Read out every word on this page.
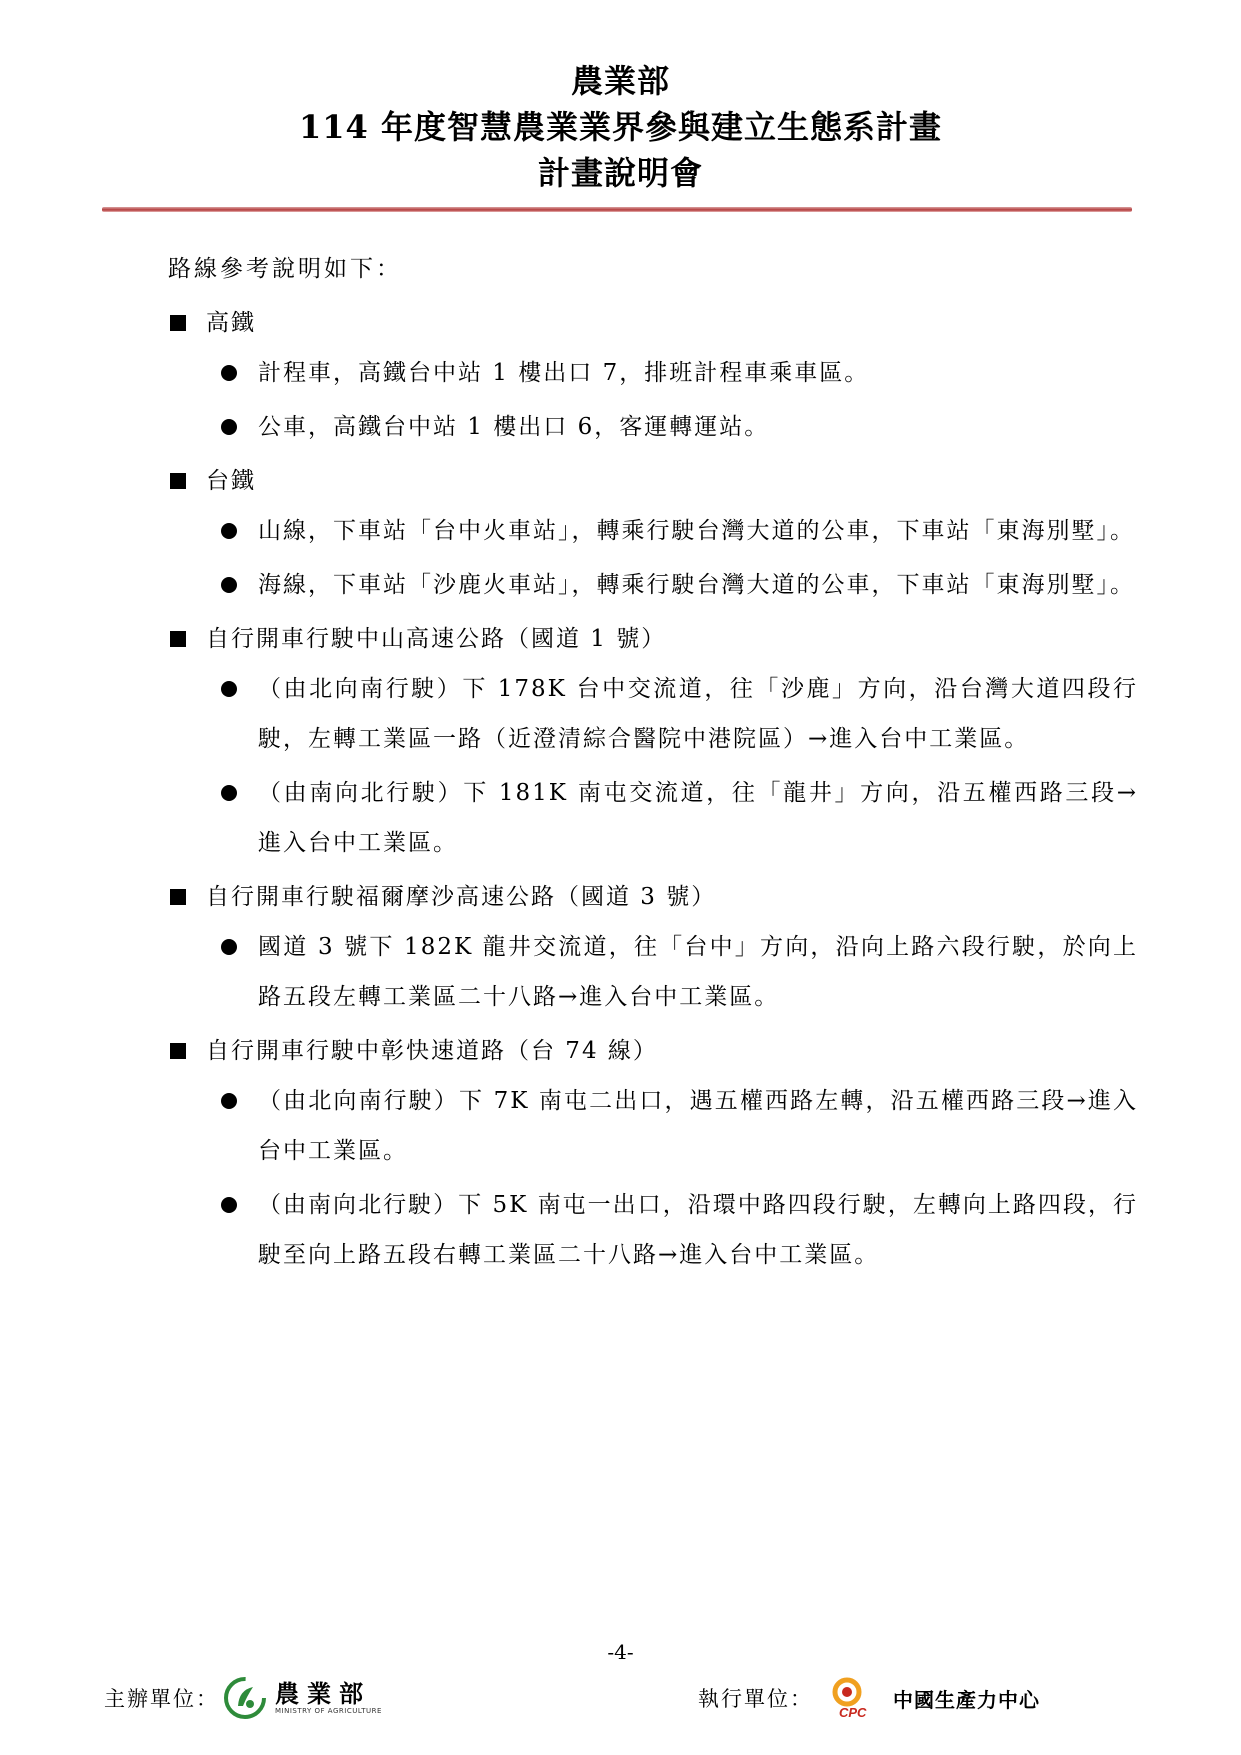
農業部
114 年度智慧農業業界參與建立生態系計畫
計畫說明會
路線參考說明如下：
高鐵
計程車，高鐵台中站 1 樓出口 7，排班計程車乘車區。
公車，高鐵台中站 1 樓出口 6，客運轉運站。
台鐵
山線，下車站「台中火車站」，轉乘行駛台灣大道的公車，下車站「東海別墅」。
海線，下車站「沙鹿火車站」，轉乘行駛台灣大道的公車，下車站「東海別墅」。
自行開車行駛中山高速公路（國道 1 號）
（由北向南行駛）下 178K 台中交流道，往「沙鹿」方向，沿台灣大道四段行駛，左轉工業區一路（近澄清綜合醫院中港院區）→進入台中工業區。
（由南向北行駛）下 181K 南屯交流道，往「龍井」方向，沿五權西路三段→進入台中工業區。
自行開車行駛福爾摩沙高速公路（國道 3 號）
國道 3 號下 182K 龍井交流道，往「台中」方向，沿向上路六段行駛，於向上路五段左轉工業區二十八路→進入台中工業區。
自行開車行駛中彰快速道路（台 74 線）
（由北向南行駛）下 7K 南屯二出口，遇五權西路左轉，沿五權西路三段→進入台中工業區。
（由南向北行駛）下 5K 南屯一出口，沿環中路四段行駛，左轉向上路四段，行駛至向上路五段右轉工業區二十八路→進入台中工業區。
-4-
主辦單位： 農業部
MINISTRY OF AGRICULTURE	執行單位：
CPC
中國生產力中心
